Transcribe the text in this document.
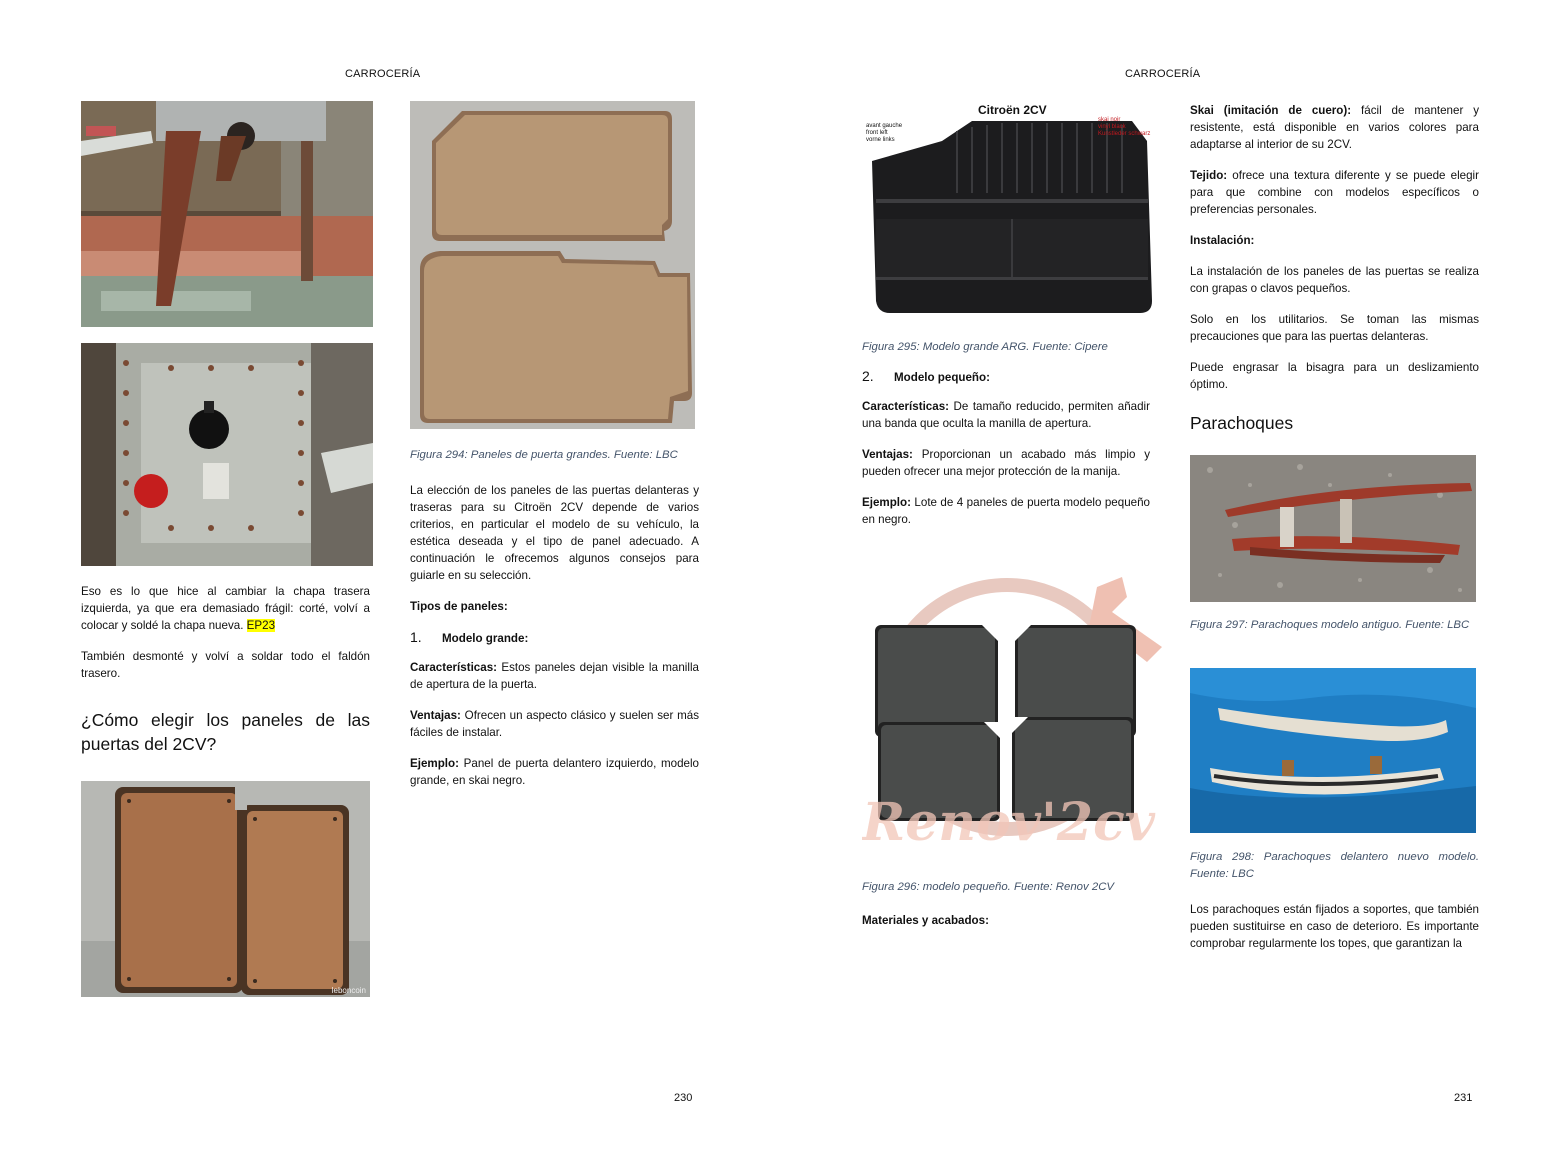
CARROCERÍA

Eso es lo que hice al cambiar la chapa trasera izquierda, ya que era demasiado frágil: corté, volví a colocar y soldé la chapa nueva. EP23

También desmonté y volví a soldar todo el faldón trasero.

¿Cómo elegir los paneles de las puertas del 2CV?
leboncoin

Figura 294: Paneles de puerta grandes. Fuente: LBC

La elección de los paneles de las puertas delanteras y traseras para su Citroën 2CV depende de varios criterios, en particular el modelo de su vehículo, la estética deseada y el tipo de panel adecuado. A continuación le ofrecemos algunos consejos para guiarle en su selección.

Tipos de paneles:

1. Modelo grande:

Características: Estos paneles dejan visible la manilla de apertura de la puerta.

Ventajas: Ofrecen un aspecto clásico y suelen ser más fáciles de instalar.

Ejemplo: Panel de puerta delantero izquierdo, modelo grande, en skai negro.

230
CARROCERÍA
Citroën 2CV
avant gauche
front left
vorne links
skai noir
vinyl black
Kunstleder schwarz

Figura 295: Modelo grande ARG. Fuente: Cipere

2. Modelo pequeño:

Características: De tamaño reducido, permiten añadir una banda que oculta la manilla de apertura.

Ventajas: Proporcionan un acabado más limpio y pueden ofrecer una mejor protección de la manija.

Ejemplo: Lote de 4 paneles de puerta modelo pequeño en negro.

Renov'2cv

Figura 296: modelo pequeño. Fuente: Renov 2CV

Materiales y acabados:

Skai (imitación de cuero): fácil de mantener y resistente, está disponible en varios colores para adaptarse al interior de su 2CV.

Tejido: ofrece una textura diferente y se puede elegir para que combine con modelos específicos o preferencias personales.

Instalación:

La instalación de los paneles de las puertas se realiza con grapas o clavos pequeños.

Solo en los utilitarios. Se toman las mismas precauciones que para las puertas delanteras.

Puede engrasar la bisagra para un deslizamiento óptimo.

Parachoques

Figura 297: Parachoques modelo antiguo. Fuente: LBC

Figura 298: Parachoques delantero nuevo modelo. Fuente: LBC

Los parachoques están fijados a soportes, que también pueden sustituirse en caso de deterioro. Es importante comprobar regularmente los topes, que garantizan la

231
